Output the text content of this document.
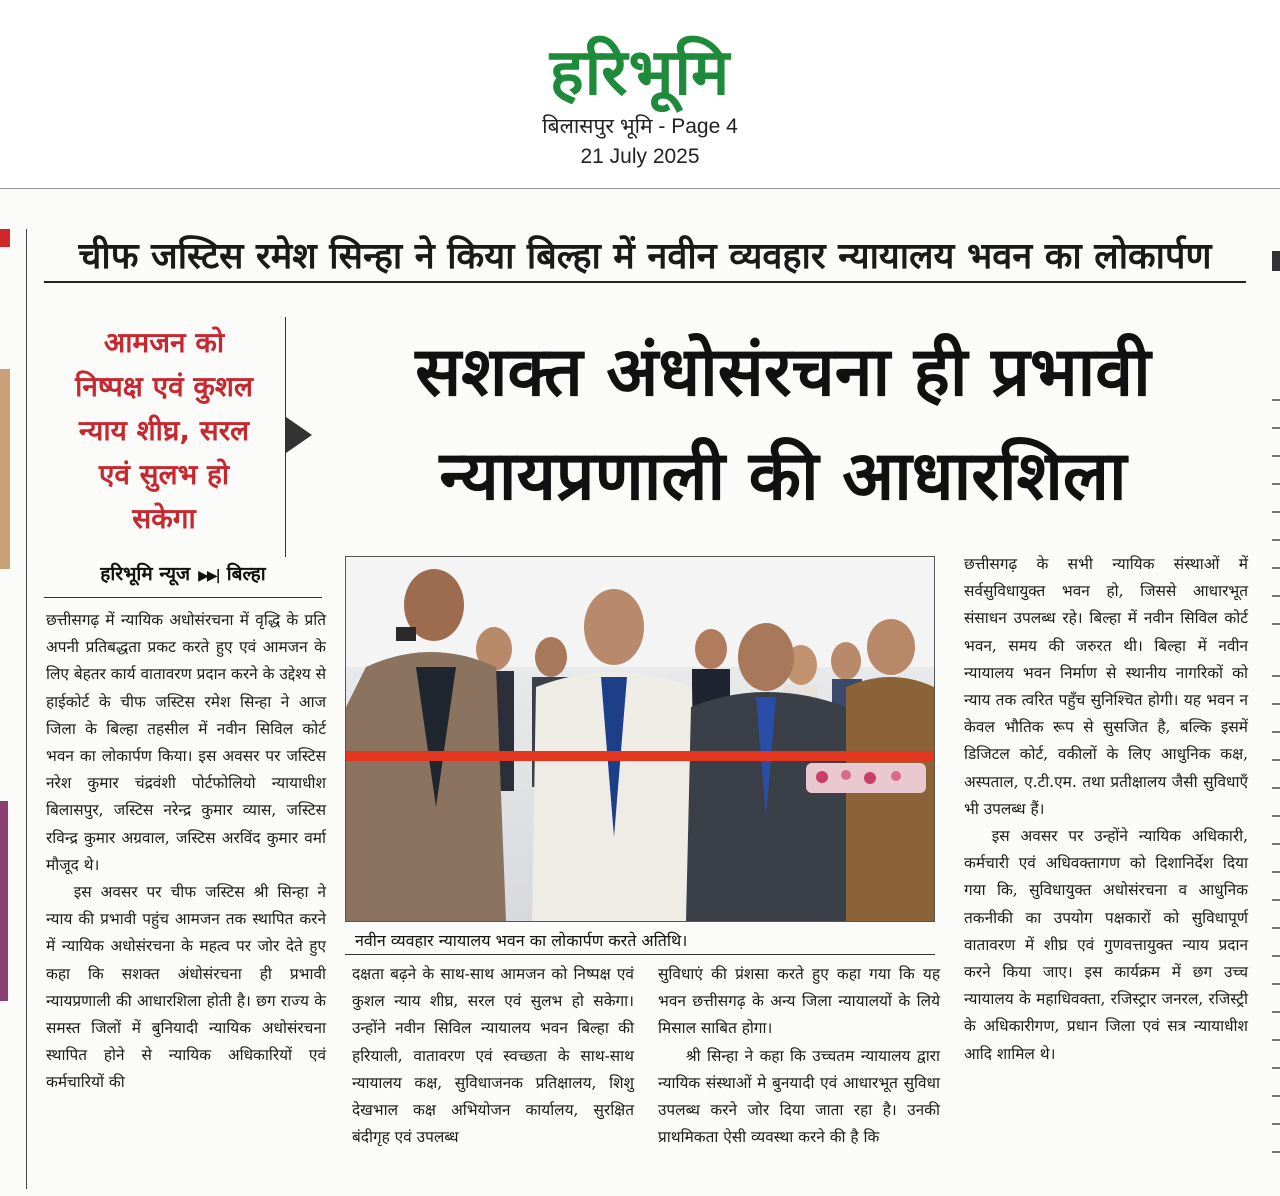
हरिभूमि
बिलासपुर भूमि - Page 4
21 July 2025
चीफ जस्टिस रमेश सिन्हा ने किया बिल्हा में नवीन व्यवहार न्यायालय भवन का लोकार्पण
आमजन को
निष्पक्ष एवं कुशल
न्याय शीघ्र, सरल
एवं सुलभ हो
सकेगा
सशक्त अंधोसंरचना ही प्रभावी
न्यायप्रणाली की आधारशिला
हरिभूमि न्यूज ▶▶| बिल्हा

छत्तीसगढ़ में न्यायिक अधोसंरचना में वृद्धि के प्रति अपनी प्रतिबद्धता प्रकट करते हुए एवं आमजन के लिए बेहतर कार्य वातावरण प्रदान करने के उद्देश्य से हाईकोर्ट के चीफ जस्टिस रमेश सिन्हा ने आज जिला के बिल्हा तहसील में नवीन सिविल कोर्ट भवन का लोकार्पण किया। इस अवसर पर जस्टिस नरेश कुमार चंद्रवंशी पोर्टफोलियो न्यायाधीश बिलासपुर, जस्टिस नरेन्द्र कुमार व्यास, जस्टिस रविन्द्र कुमार अग्रवाल, जस्टिस अरविंद कुमार वर्मा मौजूद थे।

इस अवसर पर चीफ जस्टिस श्री सिन्हा ने न्याय की प्रभावी पहुंच आमजन तक स्थापित करने में न्यायिक अधोसंरचना के महत्व पर जोर देते हुए कहा कि सशक्त अंधोसंरचना ही प्रभावी न्यायप्रणाली की आधारशिला होती है। छग राज्य के समस्त जिलों में बुनियादी न्यायिक अधोसंरचना स्थापित होने से न्यायिक अधिकारियों एवं कर्मचारियों की

नवीन व्यवहार न्यायालय भवन का लोकार्पण करते अतिथि।

दक्षता बढ़ने के साथ-साथ आमजन को निष्पक्ष एवं कुशल न्याय शीघ्र, सरल एवं सुलभ हो सकेगा। उन्होंने नवीन सिविल न्यायालय भवन बिल्हा की हरियाली, वातावरण एवं स्वच्छता के साथ-साथ न्यायालय कक्ष, सुविधाजनक प्रतिक्षालय, शिशु देखभाल कक्ष अभियोजन कार्यालय, सुरक्षित बंदीगृह एवं उपलब्ध

सुविधाएं की प्रंशसा करते हुए कहा गया कि यह भवन छत्तीसगढ़ के अन्य जिला न्यायालयों के लिये मिसाल साबित होगा।

श्री सिन्हा ने कहा कि उच्चतम न्यायालय द्वारा न्यायिक संस्थाओं मे बुनयादी एवं आधारभूत सुविधा उपलब्ध करने जोर दिया जाता रहा है। उनकी प्राथमिकता ऐसी व्यवस्था करने की है कि

छत्तीसगढ़ के सभी न्यायिक संस्थाओं में सर्वसुविधायुक्त भवन हो, जिससे आधारभूत संसाधन उपलब्ध रहे। बिल्हा में नवीन सिविल कोर्ट भवन, समय की जरुरत थी। बिल्हा में नवीन न्यायालय भवन निर्माण से स्थानीय नागरिकों को न्याय तक त्वरित पहुँच सुनिश्चित होगी। यह भवन न केवल भौतिक रूप से सुसजित है, बल्कि इसमें डिजिटल कोर्ट, वकीलों के लिए आधुनिक कक्ष, अस्पताल, ए.टी.एम. तथा प्रतीक्षालय जैसी सुविधाएँ भी उपलब्ध हैं।

इस अवसर पर उन्होंने न्यायिक अधिकारी, कर्मचारी एवं अधिवक्तागण को दिशानिर्देश दिया गया कि, सुविधायुक्त अधोसंरचना व आधुनिक तकनीकी का उपयोग पक्षकारों को सुविधापूर्ण वातावरण में शीघ्र एवं गुणवत्तायुक्त न्याय प्रदान करने किया जाए। इस कार्यक्रम में छग उच्च न्यायालय के महाधिवक्ता, रजिस्ट्रार जनरल, रजिस्ट्री के अधिकारीगण, प्रधान जिला एवं सत्र न्यायाधीश आदि शामिल थे।
